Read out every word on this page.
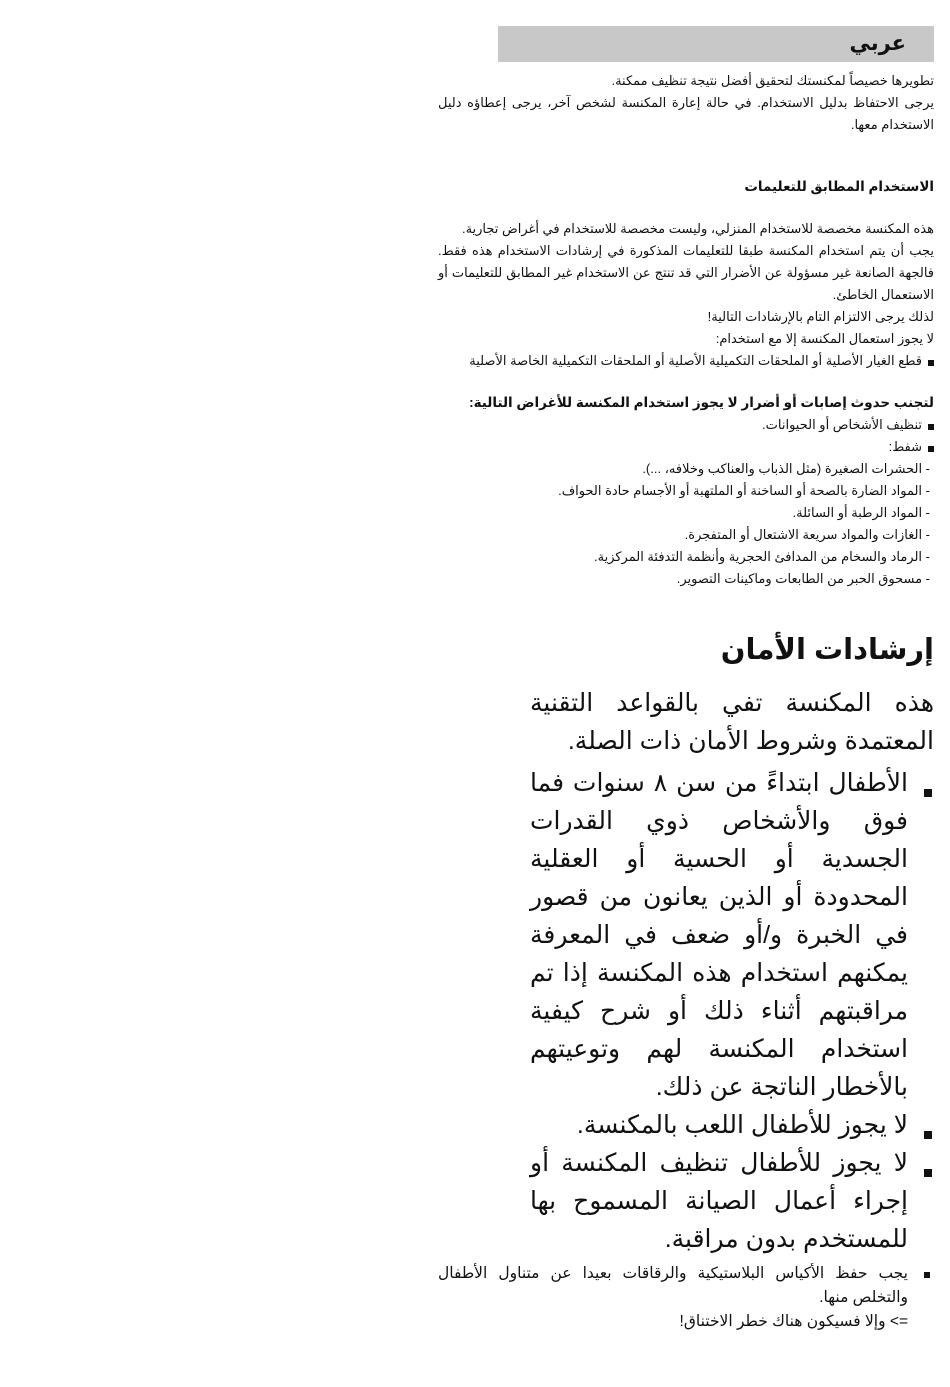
عربي
تطويرها خصيصاً لمكنستك لتحقيق أفضل نتيجة تنظيف ممكنة.
يرجى الاحتفاظ بدليل الاستخدام. في حالة إعارة المكنسة لشخص آخر، يرجى إعطاؤه دليل الاستخدام معها.
الاستخدام المطابق للتعليمات
هذه المكنسة مخصصة للاستخدام المنزلي، وليست مخصصة للاستخدام في أغراض تجارية.
يجب أن يتم استخدام المكنسة طبقا للتعليمات المذكورة في إرشادات الاستخدام هذه فقط. فالجهة الصانعة غير مسؤولة عن الأضرار التي قد تنتج عن الاستخدام غير المطابق للتعليمات أو الاستعمال الخاطئ.
لذلك يرجى الالتزام التام بالإرشادات التالية!
لا يجوز استعمال المكنسة إلا مع استخدام:
قطع الغيار الأصلية أو الملحقات التكميلية الأصلية أو الملحقات التكميلية الخاصة الأصلية
لتجنب حدوث إصابات أو أضرار لا يجوز استخدام المكنسة للأغراض التالية:
تنظيف الأشخاص أو الحيوانات.
شفط:
- الحشرات الصغيرة (مثل الذباب والعناكب وخلافه، ...).
- المواد الضارة بالصحة أو الساخنة أو الملتهبة أو الأجسام حادة الحواف.
- المواد الرطبة أو السائلة.
- الغازات والمواد سريعة الاشتعال أو المتفجرة.
- الرماد والسخام من المدافئ الحجرية وأنظمة التدفئة المركزية.
- مسحوق الحبر من الطابعات وماكينات التصوير.
إرشادات الأمان
هذه المكنسة تفي بالقواعد التقنية المعتمدة وشروط الأمان ذات الصلة.
الأطفال ابتداءً من سن ٨ سنوات فما فوق والأشخاص ذوي القدرات الجسدية أو الحسية أو العقلية المحدودة أو الذين يعانون من قصور في الخبرة و/أو ضعف في المعرفة يمكنهم استخدام هذه المكنسة إذا تم مراقبتهم أثناء ذلك أو شرح كيفية استخدام المكنسة لهم وتوعيتهم بالأخطار الناتجة عن ذلك.
لا يجوز للأطفال اللعب بالمكنسة.
لا يجوز للأطفال تنظيف المكنسة أو إجراء أعمال الصيانة المسموح بها للمستخدم بدون مراقبة.
يجب حفظ الأكياس البلاستيكية والرقاقات بعيدا عن متناول الأطفال والتخلص منها.
=> وإلا فسيكون هناك خطر الاختناق!
